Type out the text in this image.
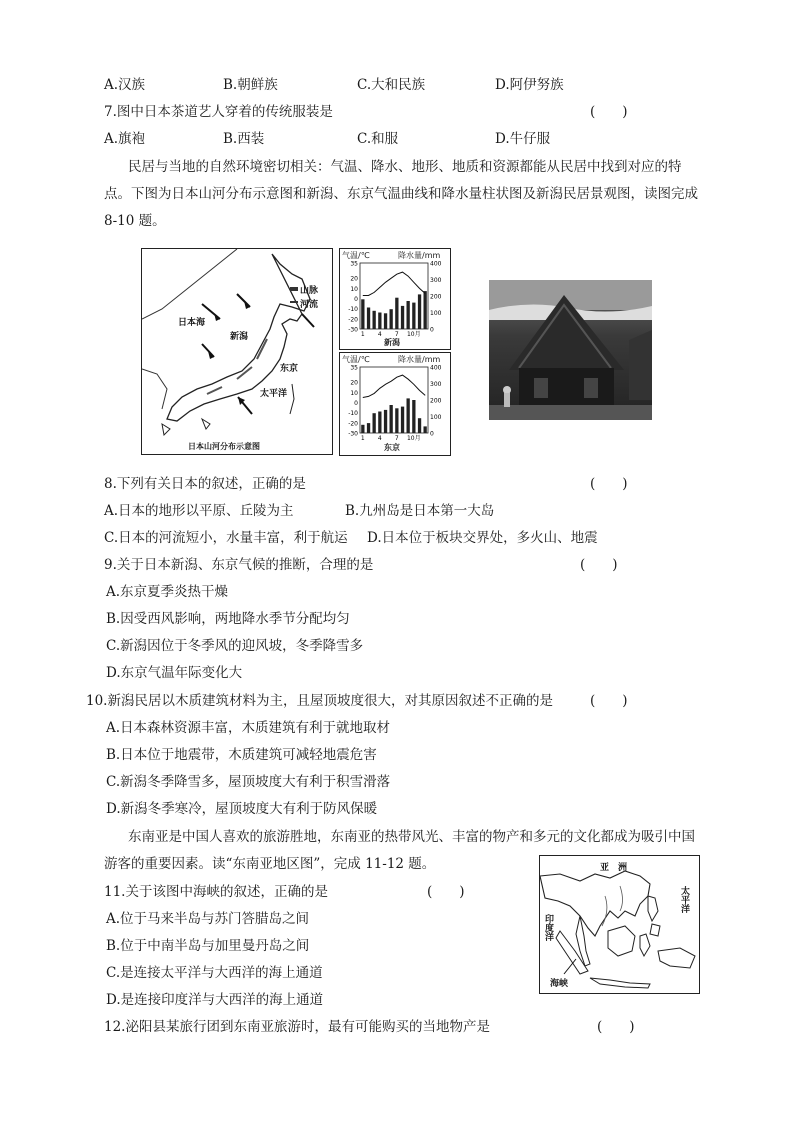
A.汉族	B.朝鲜族	C.大和民族	D.阿伊努族
7.图中日本茶道艺人穿着的传统服装是	(　　)
A.旗袍	B.西装	C.和服	D.牛仔服
民居与当地的自然环境密切相关：气温、降水、地形、地质和资源都能从民居中找到对应的特
点。下图为日本山河分布示意图和新潟、东京气温曲线和降水量柱状图及新潟民居景观图，读图完成
8-10 题。
日本海
新潟
东京
太平洋
山脉
河流
日本山河分布示意图
气温/℃	降水量/mm
35
20
10
0
-10
-20
-30
400
300
200
100
0
1 4 7 10月
新潟
气温/℃	降水量/mm
35
20
10
0
-10
-20
-30
400
300
200
100
0
1 4 7 10月
东京
8.下列有关日本的叙述，正确的是	(　　)
A.日本的地形以平原、丘陵为主	B.九州岛是日本第一大岛
C.日本的河流短小，水量丰富，利于航运 D.日本位于板块交界处，多火山、地震
9.关于日本新潟、东京气候的推断，合理的是	(　　)
A.东京夏季炎热干燥
B.因受西风影响，两地降水季节分配均匀
C.新潟因位于冬季风的迎风坡，冬季降雪多
D.东京气温年际变化大
10.新潟民居以木质建筑材料为主，且屋顶坡度很大，对其原因叙述不正确的是	(　　)
A.日本森林资源丰富，木质建筑有利于就地取材
B.日本位于地震带，木质建筑可减轻地震危害
C.新潟冬季降雪多，屋顶坡度大有利于积雪滑落
D.新潟冬季寒冷，屋顶坡度大有利于防风保暖
东南亚是中国人喜欢的旅游胜地，东南亚的热带风光、丰富的物产和多元的文化都成为吸引中国
游客的重要因素。读“东南亚地区图”，完成 11-12 题。	亚　洲
太平洋
印度洋
海峡
11.关于该图中海峡的叙述，正确的是	(　　)
A.位于马来半岛与苏门答腊岛之间
B.位于中南半岛与加里曼丹岛之间
C.是连接太平洋与大西洋的海上通道
D.是连接印度洋与大西洋的海上通道
12.泌阳县某旅行团到东南亚旅游时，最有可能购买的当地物产是	(　　)
